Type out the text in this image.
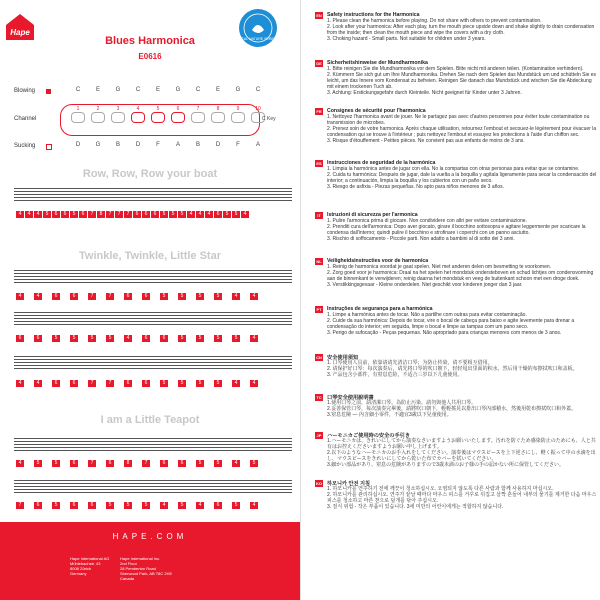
Hape
REAL NATURE SERIES
Blues Harmonica
E0616
Blowing	C	E	G	C	E	G	C	E	G	C
1	2	3	4	5	6	7	8	9	10
Channel	C Key
Sucking	D	G	B	D	F	A	B	D	F	A
Row, Row, Row your boat
4	4	4	5	6	6	5	6	7	8	7	7	7	6	6	6	5	5	5	4	4	4	6	5	5	4
Twinkle, Twinkle, Little Star
4	4	6	6	7	7	6	6	5	5	5	5	4	4
6	6	5	5	5	5	4	6	6	5	5	5	5	4
4	4	6	6	7	7	6	6	5	5	5	5	4	4
I am a Little Teapot
4	5	5	6	7	6	8	7	6	6	5	5	4	5
7	6	5	6	6	5	5	5	4	5	4	6	5	4
HAPE.COM
Hape International AG
Mühlebachstr. 43
8008 Zürich
Germany
Hape International Inc.
2nd Floor
28 Pemberton Road
Sherwood Park, AB T8C 2H5
Canada
EN Safety instructions for the Harmonica

1. Please clean the harmonica before playing. Do not share with others to prevent contamination.

2. Look after your harmonica: After each play, turn the mouth piece upside down and shake slightly to drain condensation from the inside; then clean the mouth piece and wipe the covers with a dry cloth.

3. Choking hazard - Small parts. Not suitable for children under 3 years.

DE Sicherheitshinweise der Mundharmonika

1. Bitte reinigen Sie die Mundharmonika vor dem Spielen. Bitte nicht mit anderen teilen. (Kontamination verhindern).

2. Kümmern Sie sich gut um Ihre Mundharmonika. Drehen Sie nach dem Spielen das Mundstück um und schütteln Sie es leicht, um das Innere vom Kondensat zu befreien. Reinigen Sie danach das Mundstück und wischen Sie die Abdeckung mit einem trockenen Tuch ab.

3. Achtung: Erstickungsgefahr durch Kleinteile. Nicht geeignet für Kinder unter 3 Jahren.

FR Consignes de sécurité pour l'harmonica

1. Nettoyez l'harmonica avant de jouer. Ne le partagez pas avec d'autres personnes pour éviter toute contamination ou transmission de microbes.

2. Prenez soin de votre harmonica. Après chaque utilisation, retournez l'embout et secouez-le légèrement pour évacuer la condensation qui se trouve à l'intérieur ; puis nettoyez l'embout et essuyez les protections à l'aide d'un chiffon sec.

3. Risque d'étouffement - Petites pièces. Ne convient pas aux enfants de moins de 3 ans.

ES Instrucciones de seguridad de la harmónica

1. Limpia la harmónica antes de jugar con ella. No la compartas con otras personas para evitar que se contamine.

2. Cuida tu harmónica: Después de jugar, dale la vuelta a la boquilla y agítala ligeramente para secar la condensación del interior; a continuación, limpia la boquilla y los cubiertos con un paño seco.

3. Riesgo de asfixia - Piezas pequeñas. No apto para niños menores de 3 años.

IT	Istruzioni di sicurezza per l'armonica

1. Pulire l'armonica prima di giocare. Non condividere con altri per evitare contaminazione.

2. Prenditi cura dell'armonica: Dopo aver giocato, girare il bocchino sottosopra e agitare leggermente per scaricare la condensa dall'interno; quindi pulire il bocchino e strofinare i coperchi con un panno asciutto.

3. Rischio di soffocamento - Piccole parti. Non adatto a bambini al di sotto dei 3 anni.

NL Veiligheidsinstructies voor de harmonica

1. Reinig de harmonica voordat je gaat spelen. Niet met anderen delen om besmetting te voorkomen.

2. Zorg goed voor je harmonica: Draai na het spelen het mondstuk ondersteboven en schud lichtjes om condensvorming aan de binnenkant te verwijderen; reinig daarna het mondstuk en veeg de buitenkant schoon met een droge doek.

3. Verstikkingsgevaar - Kleine onderdelen. Niet geschikt voor kinderen jonger dan 3 jaar.

PT Instruções de segurança para a harmónica

1. Limpe a harmónica antes de tocar. Não a partilhe com outras para evitar contaminação.

2. Cuide da sua harmónica: Depois de tocar, vire o bocal de cabeça para baixo e agite levemente para drenar a condensação do interior; em seguida, limpe o bocal e limpe as tampas com um pano seco.

3. Perigo de sufocação - Peças pequenas. Não apropriado para crianças menores com menos de 3 anos.

CN 安全使用须知

1. 口琴使用人员前，依靠请请先清洁口琴；为防止传染，请不要相互借用。

2. 请保护好口琴：每次演奏后，请先将口琴的吹口朝下，轻轻甩出里面的积水，然后用干燥的布擦拭吹口和盖板。

3. 产品包含小部件，有窒息危险，不适合三岁以下儿童使用。

TC 口琴安全使用說明書

1.使用口琴之前，請清潔口琴。為防止污染，請勿與他人共用口琴。

2.妥善保管口琴，每次演奏完畢後，請將吹口朝下，輕輕搖晃以排出口琴內部積水，然後用乾布擦拭吹口和外蓋。

3.窒息危險 — 內含細小零件，不適宜3歲以下兒童使用。

JP ハーモニカご使用時の安全の手引き

1.ハーモニカは、きれいにしてから演奏なさいますようお願いいたします。汚れを防ぐため感染防止のためにも、人と共有はお控えくださいますようお願い申し上げます。

2.以下のようなハーモニカのお手入れをしてください。演奏後はマウスピースを上下逆さにし、軽く振って中の水滴を出し、マウスピースをきれいにしてから乾いた布でカバーを拭いてください。

3.細かい部品があり、窒息の危険がありますので3歳未満のお子様の手の届かない所に保管してください。

KO 하모니카 안전 지침

1. 하모니카를 연주하기 전에 깨끗이 청소하십시오. 오염되지 않도록 다른 사람과 함께 사용하지 마십시오.

2. 하모니카를 관리하십시오. 연주가 끝날 때마다 마우스 피스를 거꾸로 뒤집고 살짝 흔들어 내부의 물기를 제거한 다음 마우스 피스를 청소하고 마른 천으로 덮개를 닦아 주십시오.

3. 질식 위험 - 작은 부품이 있습니다. 3세 미만의 어린이에게는 적합하지 않습니다.
